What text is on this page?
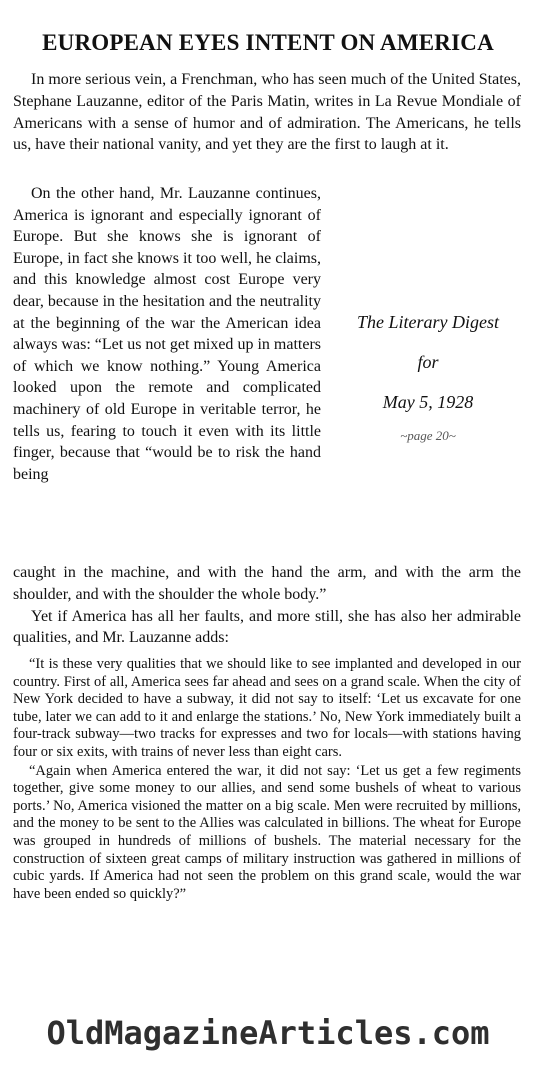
EUROPEAN EYES INTENT ON AMERICA

In more serious vein, a Frenchman, who has seen much of the United States, Stephane Lauzanne, editor of the Paris Matin, writes in La Revue Mondiale of Americans with a sense of humor and of admiration. The Americans, he tells us, have their national vanity, and yet they are the first to laugh at it.

On the other hand, Mr. Lauzanne continues, America is ignorant and especially ignorant of Europe. But she knows she is ignorant of Europe, in fact she knows it too well, he claims, and this knowledge almost cost Europe very dear, because in the hesitation and the neutrality at the beginning of the war the American idea always was: “Let us not get mixed up in matters of which we know nothing.” Young America looked upon the remote and complicated machinery of old Europe in veritable terror, he tells us, fearing to touch it even with its little finger, because that “would be to risk the hand being

The Literary Digest
for
May 5, 1928
~page 20~
caught in the machine, and with the hand the arm, and with the arm the shoulder, and with the shoulder the whole body.”
Yet if America has all her faults, and more still, she has also her admirable qualities, and Mr. Lauzanne adds:

“It is these very qualities that we should like to see implanted and developed in our country. First of all, America sees far ahead and sees on a grand scale. When the city of New York decided to have a subway, it did not say to itself: ‘Let us excavate for one tube, later we can add to it and enlarge the stations.’ No, New York immediately built a four-track subway—two tracks for expresses and two for locals—with stations having four or six exits, with trains of never less than eight cars.

“Again when America entered the war, it did not say: ‘Let us get a few regiments together, give some money to our allies, and send some bushels of wheat to various ports.’ No, America visioned the matter on a big scale. Men were recruited by millions, and the money to be sent to the Allies was calculated in billions. The wheat for Europe was grouped in hundreds of millions of bushels. The material necessary for the construction of sixteen great camps of military instruction was gathered in millions of cubic yards. If America had not seen the problem on this grand scale, would the war have been ended so quickly?”

OldMagazineArticles.com
